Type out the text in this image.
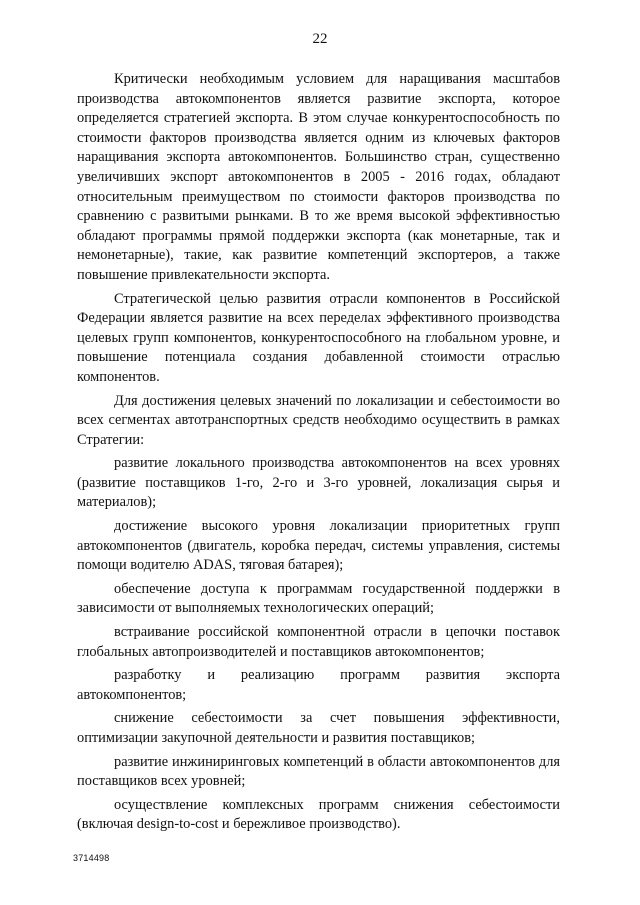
22

Критически необходимым условием для наращивания масштабов производства автокомпонентов является развитие экспорта, которое определяется стратегией экспорта. В этом случае конкурентоспособность по стоимости факторов производства является одним из ключевых факторов наращивания экспорта автокомпонентов. Большинство стран, существенно увеличивших экспорт автокомпонентов в 2005 - 2016 годах, обладают относительным преимуществом по стоимости факторов производства по сравнению с развитыми рынками. В то же время высокой эффективностью обладают программы прямой поддержки экспорта (как монетарные, так и немонетарные), такие, как развитие компетенций экспортеров, а также повышение привлекательности экспорта.

Стратегической целью развития отрасли компонентов в Российской Федерации является развитие на всех переделах эффективного производства целевых групп компонентов, конкурентоспособного на глобальном уровне, и повышение потенциала создания добавленной стоимости отраслью компонентов.

Для достижения целевых значений по локализации и себестоимости во всех сегментах автотранспортных средств необходимо осуществить в рамках Стратегии:

развитие локального производства автокомпонентов на всех уровнях (развитие поставщиков 1-го, 2-го и 3-го уровней, локализация сырья и материалов);

достижение высокого уровня локализации приоритетных групп автокомпонентов (двигатель, коробка передач, системы управления, системы помощи водителю ADAS, тяговая батарея);

обеспечение доступа к программам государственной поддержки в зависимости от выполняемых технологических операций;

встраивание российской компонентной отрасли в цепочки поставок глобальных автопроизводителей и поставщиков автокомпонентов;

разработку и реализацию программ развития экспорта автокомпонентов;

снижение себестоимости за счет повышения эффективности, оптимизации закупочной деятельности и развития поставщиков;

развитие инжиниринговых компетенций в области автокомпонентов для поставщиков всех уровней;

осуществление комплексных программ снижения себестоимости (включая design-to-cost и бережливое производство).

3714498
